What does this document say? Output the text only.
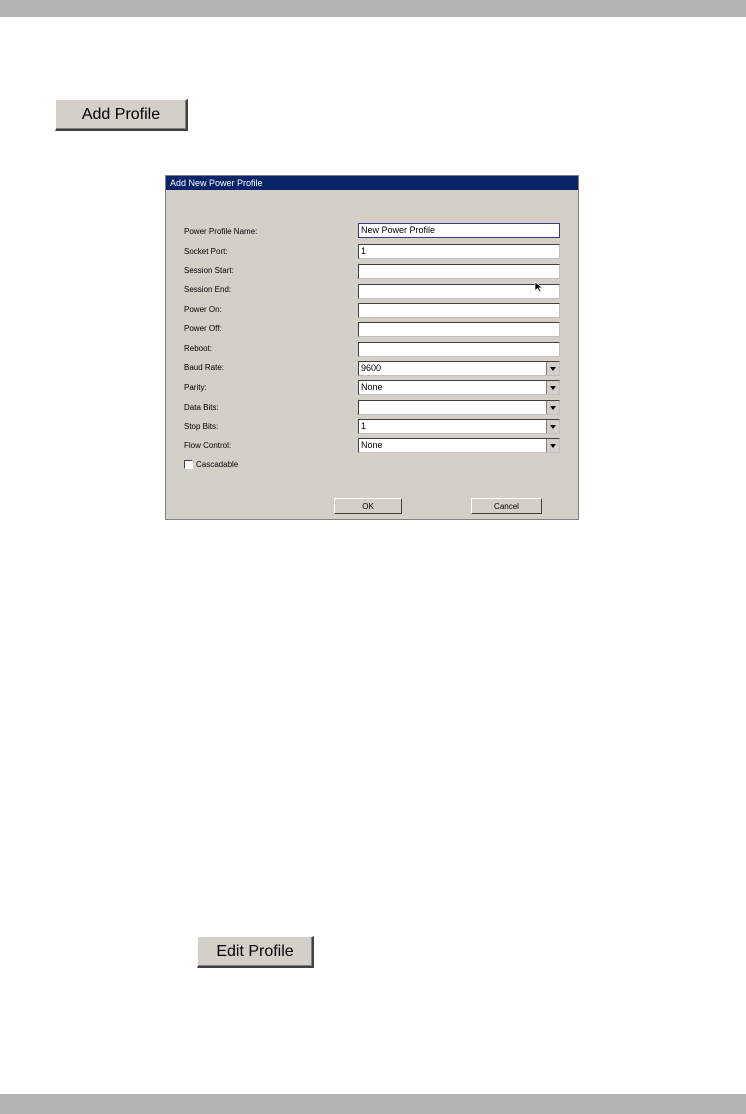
Add Profile
Add New Power Profile
Power Profile Name:	New Power Profile
Socket Port:	1
Session Start:
Session End:
Power On:
Power Off:
Reboot:
Baud Rate:	9600
Parity:	None
Data Bits:
Stop Bits:	1
Flow Control:	None
Cascadable
OK	Cancel
Edit Profile
